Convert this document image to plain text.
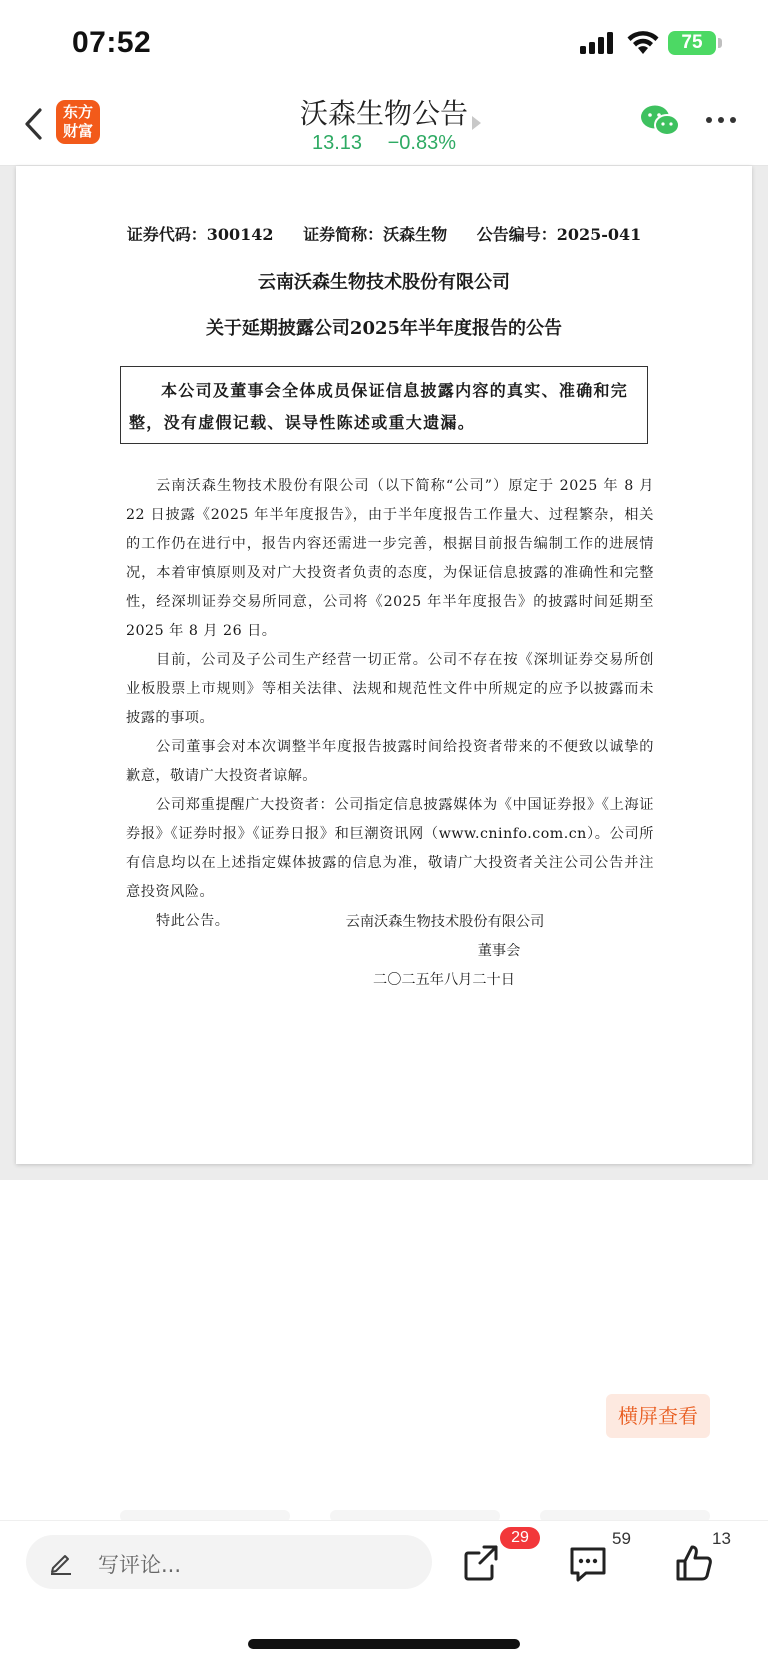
07:52	75
东方
财富
沃森生物公告
13.13 −0.83%
证券代码：300142 证券简称：沃森生物 公告编号：2025-041
云南沃森生物技术股份有限公司
关于延期披露公司2025年半年度报告的公告
本公司及董事会全体成员保证信息披露内容的真实、准确和完整，没有虚假记载、误导性陈述或重大遗漏。

云南沃森生物技术股份有限公司（以下简称“公司”）原定于 2025 年 8 月 22 日披露《2025 年半年度报告》，由于半年度报告工作量大、过程繁杂，相关的工作仍在进行中，报告内容还需进一步完善，根据目前报告编制工作的进展情况，本着审慎原则及对广大投资者负责的态度，为保证信息披露的准确性和完整性，经深圳证券交易所同意，公司将《2025 年半年度报告》的披露时间延期至 2025 年 8 月 26 日。

目前，公司及子公司生产经营一切正常。公司不存在按《深圳证券交易所创业板股票上市规则》等相关法律、法规和规范性文件中所规定的应予以披露而未披露的事项。

公司董事会对本次调整半年度报告披露时间给投资者带来的不便致以诚挚的歉意，敬请广大投资者谅解。

公司郑重提醒广大投资者：公司指定信息披露媒体为《中国证券报》《上海证券报》《证券时报》《证券日报》和巨潮资讯网（www.cninfo.com.cn）。公司所有信息均以在上述指定媒体披露的信息为准，敬请广大投资者关注公司公告并注意投资风险。

特此公告。	云南沃森生物技术股份有限公司
董事会
二〇二五年八月二十日
横屏查看
写评论...
29	59	13
